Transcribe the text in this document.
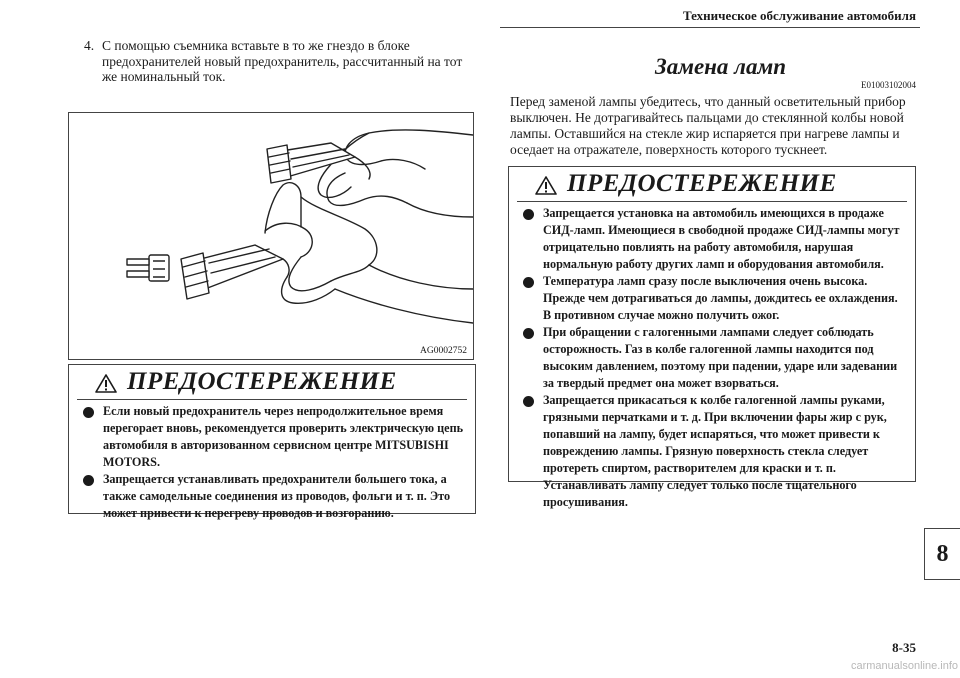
Техническое обслуживание автомобиля
4. С помощью съемника вставьте в то же гнездо в блоке предохранителей новый предохранитель, рассчитанный на тот же номинальный ток.
AG0002752
ПРЕДОСТЕРЕЖЕНИЕ
Если новый предохранитель через непродолжительное время перегорает вновь, рекомендуется проверить электрическую цепь автомобиля в авторизованном сервисном центре MITSUBISHI MOTORS.
Запрещается устанавливать предохранители большего тока, а также самодельные соединения из проводов, фольги и т. п. Это может привести к перегреву проводов и возгоранию.
Замена ламп
E01003102004
Перед заменой лампы убедитесь, что данный осветительный прибор выключен. Не дотрагивайтесь пальцами до стеклянной колбы новой лампы. Оставшийся на стекле жир испаряется при нагреве лампы и оседает на отражателе, поверхность которого тускнеет.
ПРЕДОСТЕРЕЖЕНИЕ
Запрещается установка на автомобиль имеющихся в продаже СИД-ламп. Имеющиеся в свободной продаже СИД-лампы могут отрицательно повлиять на работу автомобиля, нарушая нормальную работу других ламп и оборудования автомобиля.
Температура ламп сразу после выключения очень высока. Прежде чем дотрагиваться до лампы, дождитесь ее охлаждения. В противном случае можно получить ожог.
При обращении с галогенными лампами следует соблюдать осторожность. Газ в колбе галогенной лампы находится под высоким давлением, поэтому при падении, ударе или задевании за твердый предмет она может взорваться.
Запрещается прикасаться к колбе галогенной лампы руками, грязными перчатками и т. д. При включении фары жир с рук, попавший на лампу, будет испаряться, что может привести к повреждению лампы. Грязную поверхность стекла следует протереть спиртом, растворителем для краски и т. п. Устанавливать лампу следует только после тщательного просушивания.
8
8-35
carmanualsonline.info
